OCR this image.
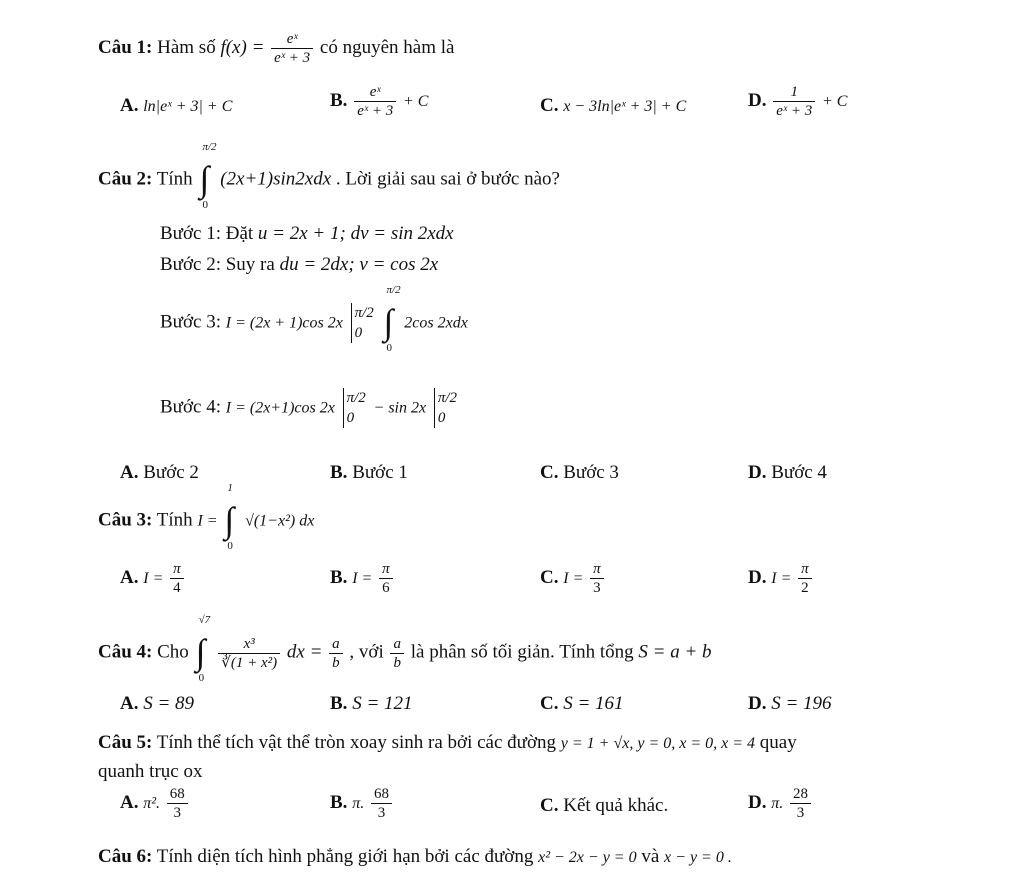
Câu 1: Hàm số $f(x) = \frac{\text{eˣ}}{\text{eˣ + 3}}$ có nguyên hàm là
A. ln|eˣ + 3| + C	B. $\frac{\text{eˣ}}{\text{eˣ + 3}} + C$	C. x − 3ln|eˣ + 3| + C	D. $\frac{1}{\text{eˣ + 3}} + C$
Câu 2: Tính
π/2
∫
0
(2x+1)sin2xdx . Lời giải sau sai ở bước nào?
Bước 1: Đặt u = 2x + 1; dv = sin 2xdx
Bước 2: Suy ra du = 2dx; v = cos 2x
Bước 3: I = (2x + 1)cos 2x
π/2
0

π/2
∫
0
2cos 2xdx
Bước 4: I = (2x+1)cos 2x
π/2
0
− sin 2x
π/2
0
A. Bước 2	B. Bước 1	C. Bước 3	D. Bước 4
Câu 3: Tính I =
1
∫
0
√(1−x²) dx
A. $I = \frac{\pi}{4}$	B. $I = \frac{\pi}{6}$	C. $I = \frac{\pi}{3}$	D. $I = \frac{\pi}{2}$
Câu 4: Cho
√7
∫
0

$\frac{\text{x³}}{\text{∛(1 + x²)}}$ dx = $\frac{a}{b}$ , với $\frac{a}{b}$ là phân số tối giản. Tính tổng S = a + b
A. S = 89	B. S = 121	C. S = 161	D. S = 196
Câu 5: Tính thể tích vật thể tròn xoay sinh ra bởi các đường y = 1 + √x, y = 0, x = 0, x = 4 quay
quanh trục ox
A. π². $\frac{68}{3}$	B. π. $\frac{68}{3}$	C. Kết quả khác.	D. π. $\frac{28}{3}$
Câu 6: Tính diện tích hình phẳng giới hạn bởi các đường x² − 2x − y = 0 và x − y = 0 .
